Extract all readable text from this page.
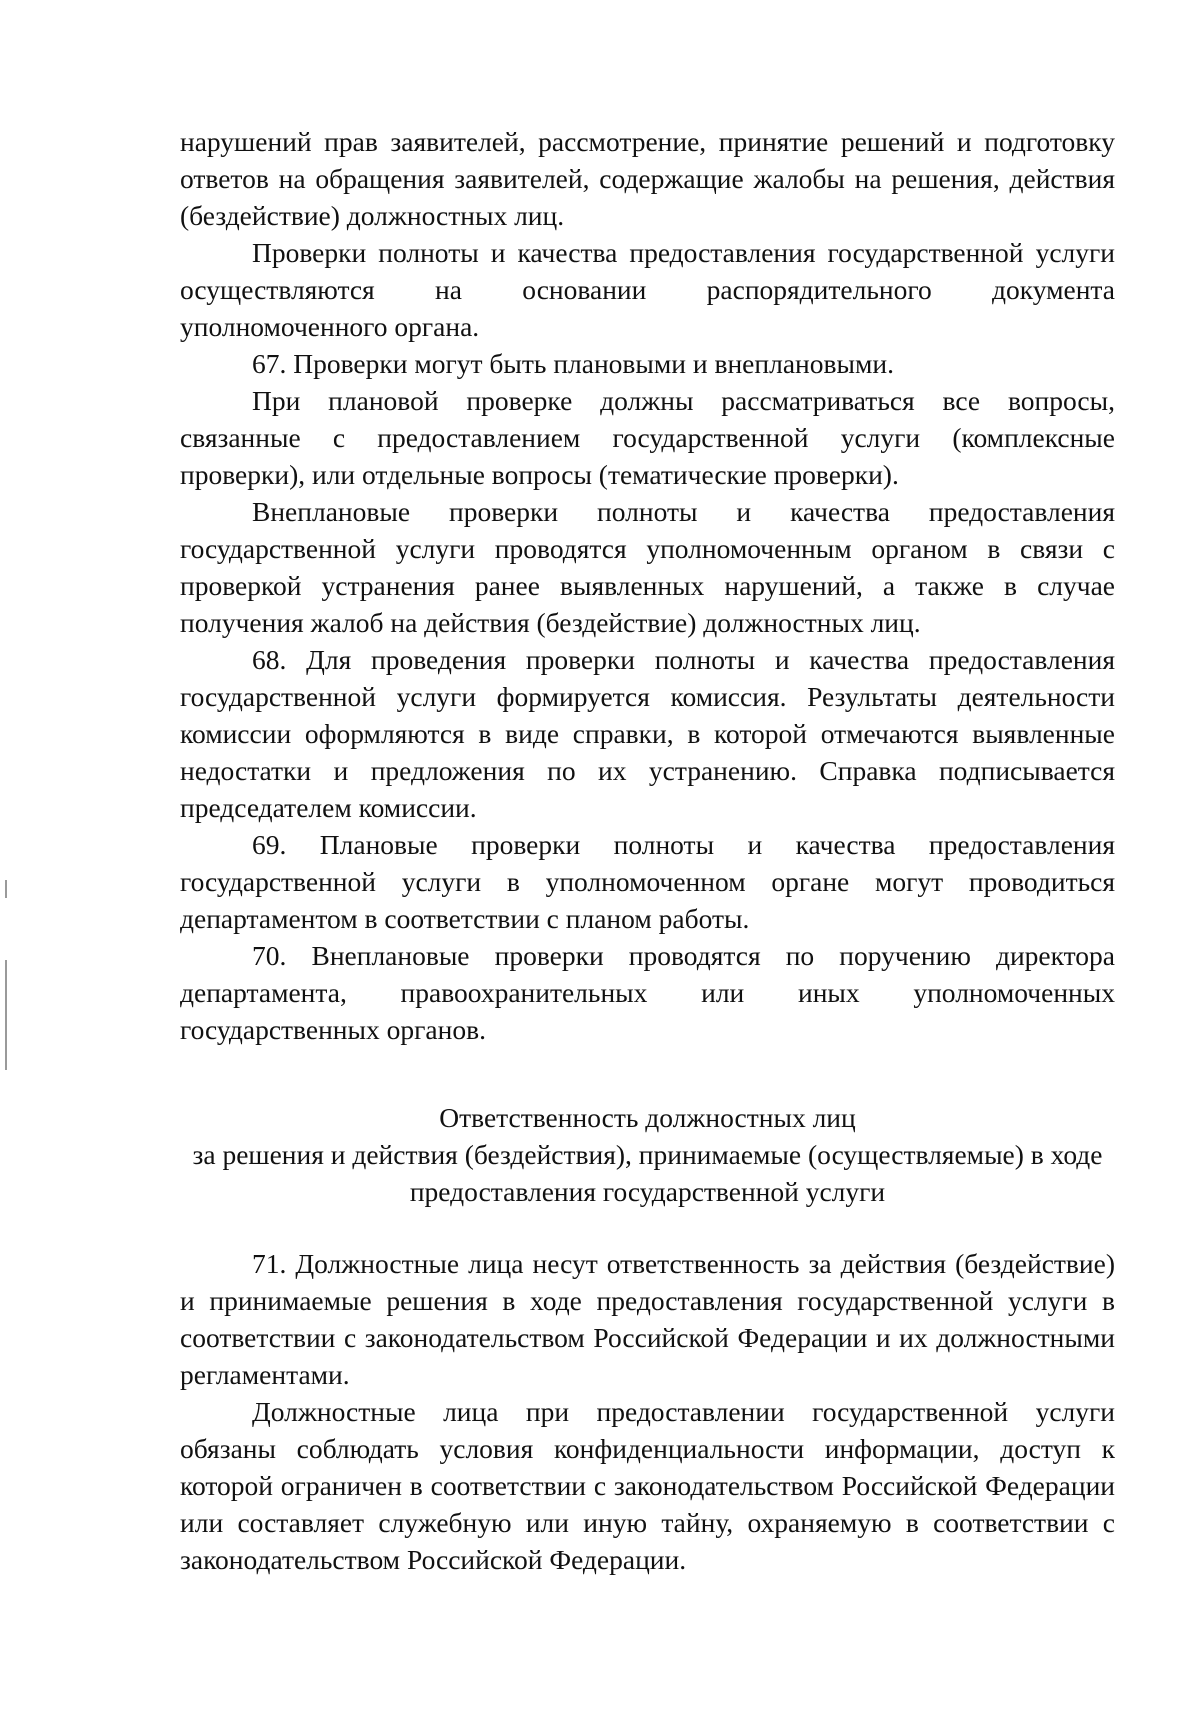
нарушений прав заявителей, рассмотрение, принятие решений и подготовку ответов на обращения заявителей, содержащие жалобы на решения, действия (бездействие) должностных лиц.

Проверки полноты и качества предоставления государственной услуги осуществляются на основании распорядительного документа уполномоченного органа.

67. Проверки могут быть плановыми и внеплановыми.

При плановой проверке должны рассматриваться все вопросы, связанные с предоставлением государственной услуги (комплексные проверки), или отдельные вопросы (тематические проверки).

Внеплановые проверки полноты и качества предоставления государственной услуги проводятся уполномоченным органом в связи с проверкой устранения ранее выявленных нарушений, а также в случае получения жалоб на действия (бездействие) должностных лиц.

68. Для проведения проверки полноты и качества предоставления государственной услуги формируется комиссия. Результаты деятельности комиссии оформляются в виде справки, в которой отмечаются выявленные недостатки и предложения по их устранению. Справка подписывается председателем комиссии.

69. Плановые проверки полноты и качества предоставления государственной услуги в уполномоченном органе могут проводиться департаментом в соответствии с планом работы.

70. Внеплановые проверки проводятся по поручению директора департамента, правоохранительных или иных уполномоченных государственных органов.

Ответственность должностных лиц

за решения и действия (бездействия), принимаемые (осуществляемые) в ходе

предоставления государственной услуги

71. Должностные лица несут ответственность за действия (бездействие) и принимаемые решения в ходе предоставления государственной услуги в соответствии с законодательством Российской Федерации и их должностными регламентами.

Должностные лица при предоставлении государственной услуги обязаны соблюдать условия конфиденциальности информации, доступ к которой ограничен в соответствии с законодательством Российской Федерации или составляет служебную или иную тайну, охраняемую в соответствии с законодательством Российской Федерации.
